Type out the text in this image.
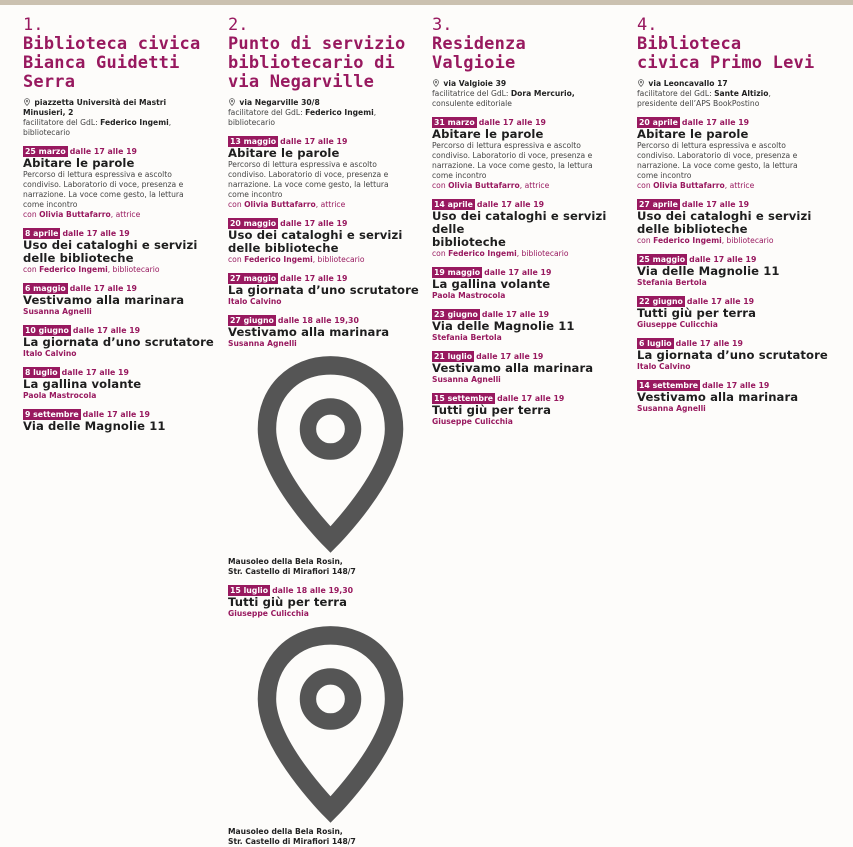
1.
Biblioteca civica
Bianca Guidetti
Serra
piazzetta Università dei Mastri
Minusieri, 2
facilitatore del GdL: Federico Ingemi,
bibliotecario
25 marzo dalle 17 alle 19
Abitare le parole
Percorso di lettura espressiva e ascolto
condiviso. Laboratorio di voce, presenza e
narrazione. La voce come gesto, la lettura
come incontro
con Olivia Buttafarro, attrice
8 aprile dalle 17 alle 19
Uso dei cataloghi e servizi
delle biblioteche
con Federico Ingemi, bibliotecario
6 maggio dalle 17 alle 19
Vestivamo alla marinara
Susanna Agnelli
10 giugno dalle 17 alle 19
La giornata d’uno scrutatore
Italo Calvino
8 luglio dalle 17 alle 19
La gallina volante
Paola Mastrocola
9 settembre dalle 17 alle 19
Via delle Magnolie 11
2.
Punto di servizio
bibliotecario di
via Negarville
via Negarville 30/8
facilitatore del GdL: Federico Ingemi,
bibliotecario
13 maggio dalle 17 alle 19
Abitare le parole
Percorso di lettura espressiva e ascolto
condiviso. Laboratorio di voce, presenza e
narrazione. La voce come gesto, la lettura
come incontro
con Olivia Buttafarro, attrice
20 maggio dalle 17 alle 19
Uso dei cataloghi e servizi
delle biblioteche
con Federico Ingemi, bibliotecario
27 maggio dalle 17 alle 19
La giornata d’uno scrutatore
Italo Calvino
27 giugno dalle 18 alle 19,30
Vestivamo alla marinara
Susanna Agnelli
Mausoleo della Bela Rosin,
Str. Castello di Mirafiori 148/7
15 luglio dalle 18 alle 19,30
Tutti giù per terra
Giuseppe Culicchia
Mausoleo della Bela Rosin,
Str. Castello di Mirafiori 148/7
3.
Residenza
Valgioie
via Valgioie 39
facilitatrice del GdL: Dora Mercurio,
consulente editoriale
31 marzo dalle 17 alle 19
Abitare le parole
Percorso di lettura espressiva e ascolto
condiviso. Laboratorio di voce, presenza e
narrazione. La voce come gesto, la lettura
come incontro
con Olivia Buttafarro, attrice
14 aprile dalle 17 alle 19
Uso dei cataloghi e servizi delle
biblioteche
con Federico Ingemi, bibliotecario
19 maggio dalle 17 alle 19
La gallina volante
Paola Mastrocola
23 giugno dalle 17 alle 19
Via delle Magnolie 11
Stefania Bertola
21 luglio dalle 17 alle 19
Vestivamo alla marinara
Susanna Agnelli
15 settembre dalle 17 alle 19
Tutti giù per terra
Giuseppe Culicchia
4.
Biblioteca
civica Primo Levi
via Leoncavallo 17
facilitatore del GdL: Sante Altizio,
presidente dell’APS BookPostino
20 aprile dalle 17 alle 19
Abitare le parole
Percorso di lettura espressiva e ascolto
condiviso. Laboratorio di voce, presenza e
narrazione. La voce come gesto, la lettura
come incontro
con Olivia Buttafarro, attrice
27 aprile dalle 17 alle 19
Uso dei cataloghi e servizi
delle biblioteche
con Federico Ingemi, bibliotecario
25 maggio dalle 17 alle 19
Via delle Magnolie 11
Stefania Bertola
22 giugno dalle 17 alle 19
Tutti giù per terra
Giuseppe Culicchia
6 luglio dalle 17 alle 19
La giornata d’uno scrutatore
Italo Calvino
14 settembre dalle 17 alle 19
Vestivamo alla marinara
Susanna Agnelli
